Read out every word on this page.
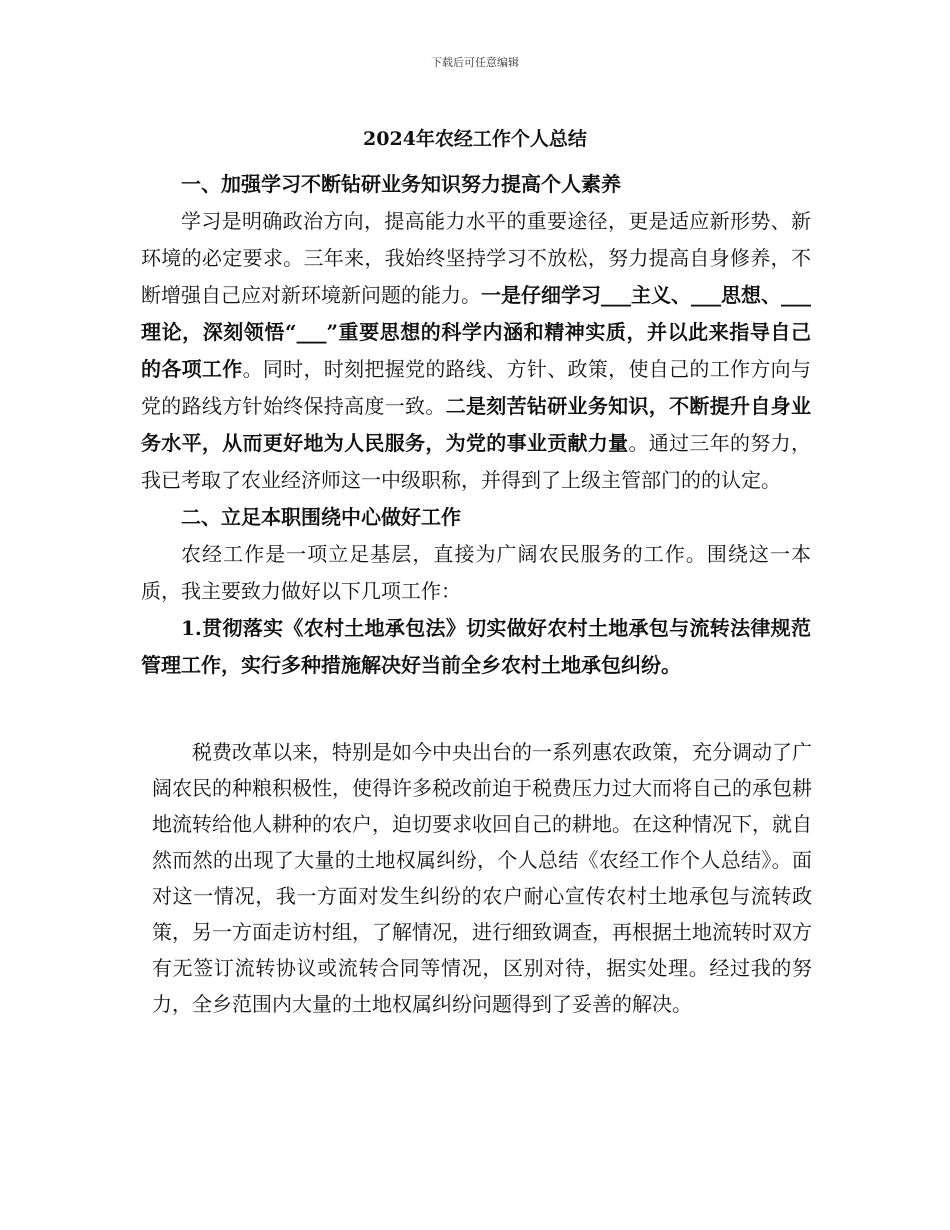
下载后可任意编辑
2024年农经工作个人总结

一、加强学习不断钻研业务知识努力提高个人素养

学习是明确政治方向，提高能力水平的重要途径，更是适应新形势、新环境的必定要求。三年来，我始终坚持学习不放松，努力提高自身修养，不断增强自己应对新环境新问题的能力。一是仔细学习___主义、___思想、___理论，深刻领悟“___”重要思想的科学内涵和精神实质，并以此来指导自己的各项工作。同时，时刻把握党的路线、方针、政策，使自己的工作方向与党的路线方针始终保持高度一致。二是刻苦钻研业务知识，不断提升自身业务水平，从而更好地为人民服务，为党的事业贡献力量。通过三年的努力，我已考取了农业经济师这一中级职称，并得到了上级主管部门的的认定。

二、立足本职围绕中心做好工作

农经工作是一项立足基层，直接为广阔农民服务的工作。围绕这一本质，我主要致力做好以下几项工作：

1.贯彻落实《农村土地承包法》切实做好农村土地承包与流转法律规范管理工作，实行多种措施解决好当前全乡农村土地承包纠纷。

税费改革以来，特别是如今中央出台的一系列惠农政策，充分调动了广阔农民的种粮积极性，使得许多税改前迫于税费压力过大而将自己的承包耕地流转给他人耕种的农户，迫切要求收回自己的耕地。在这种情况下，就自然而然的出现了大量的土地权属纠纷，个人总结《农经工作个人总结》。面对这一情况，我一方面对发生纠纷的农户耐心宣传农村土地承包与流转政策，另一方面走访村组，了解情况，进行细致调查，再根据土地流转时双方有无签订流转协议或流转合同等情况，区别对待，据实处理。经过我的努力，全乡范围内大量的土地权属纠纷问题得到了妥善的解决。
